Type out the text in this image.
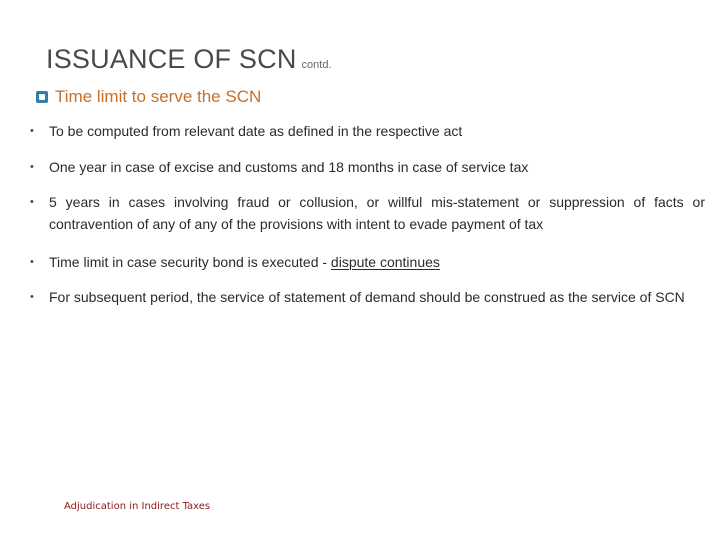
ISSUANCE OF SCN contd.
Time limit to serve the SCN
• To be computed from relevant date as defined in the respective act
• One year in case of excise and customs and 18 months in case of service tax
• 5 years in cases involving fraud or collusion, or willful mis-statement or suppression of facts or contravention of any of any of the provisions with intent to evade payment of tax
• Time limit in case security bond is executed - dispute continues
• For subsequent period, the service of statement of demand should be construed as the service of SCN
Adjudication in Indirect Taxes
